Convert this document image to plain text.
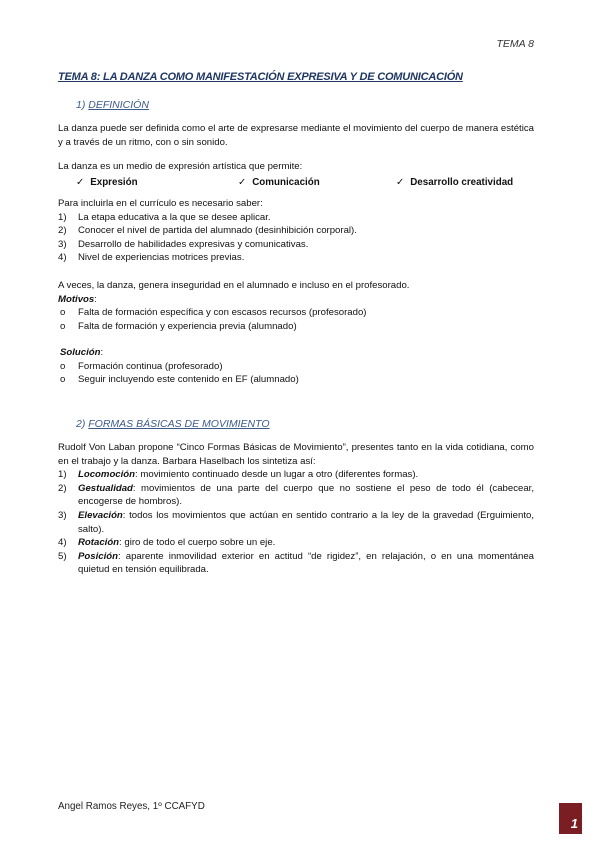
TEMA 8
TEMA 8: LA DANZA COMO MANIFESTACIÓN EXPRESIVA Y DE COMUNICACIÓN
1) DEFINICIÓN

La danza puede ser definida como el arte de expresarse mediante el movimiento del cuerpo de manera estética y a través de un ritmo, con o sin sonido.

La danza es un medio de expresión artística que permite:

✓ Expresión	✓ Comunicación	✓ Desarrollo creatividad

Para incluirla en el currículo es necesario saber:

1) La etapa educativa a la que se desee aplicar.
2) Conocer el nivel de partida del alumnado (desinhibición corporal).
3) Desarrollo de habilidades expresivas y comunicativas.
4) Nivel de experiencias motrices previas.

A veces, la danza, genera inseguridad en el alumnado e incluso en el profesorado.

Motivos:
o Falta de formación específica y con escasos recursos (profesorado)
o Falta de formación y experiencia previa (alumnado)
Solución:
o Formación continua (profesorado)
o Seguir incluyendo este contenido en EF (alumnado)
2) FORMAS BÁSICAS DE MOVIMIENTO

Rudolf Von Laban propone “Cinco Formas Básicas de Movimiento”, presentes tanto en la vida cotidiana, como en el trabajo y la danza. Barbara Haselbach los sintetiza así:

1) Locomoción: movimiento continuado desde un lugar a otro (diferentes formas).

2) Gestualidad: movimientos de una parte del cuerpo que no sostiene el peso de todo él (cabecear, encogerse de hombros).

3) Elevación: todos los movimientos que actúan en sentido contrario a la ley de la gravedad (Erguimiento, salto).

4) Rotación: giro de todo el cuerpo sobre un eje.

5) Posición: aparente inmovilidad exterior en actitud “de rigidez”, en relajación, o en una momentánea quietud en tensión equilibrada.

Angel Ramos Reyes, 1º CCAFYD
1
